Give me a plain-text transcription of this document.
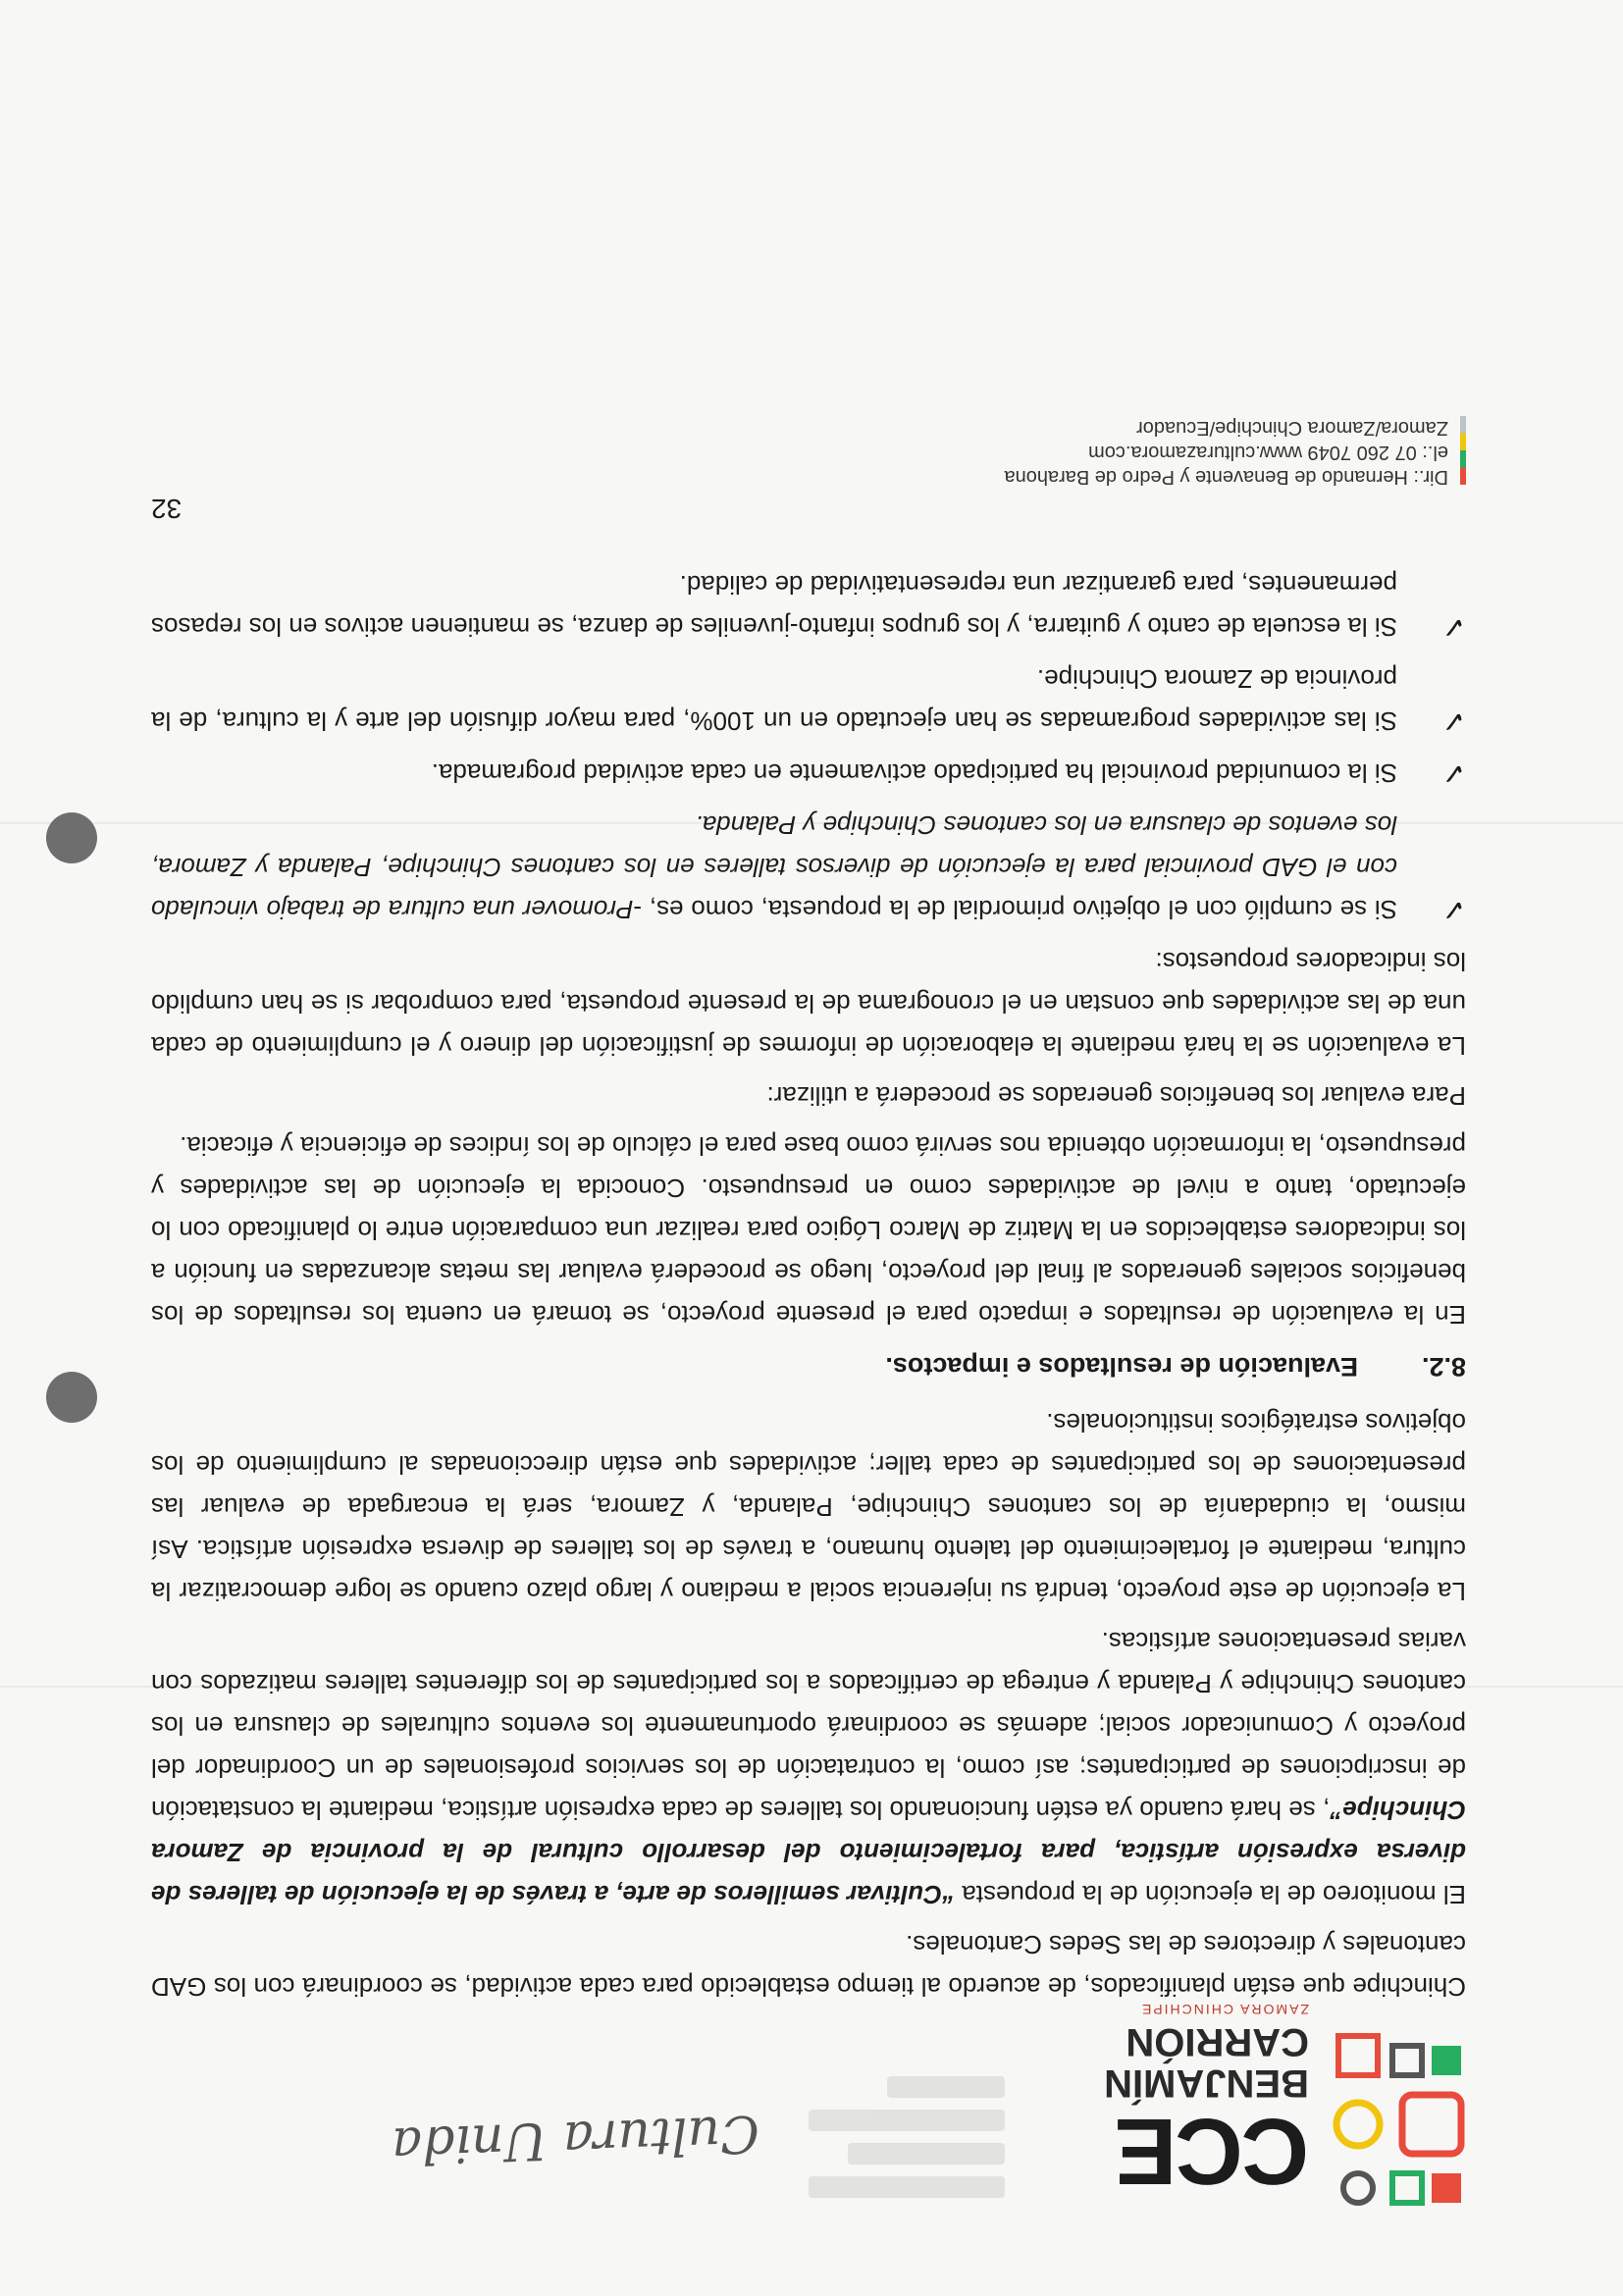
CCE
BENJAMÍN
CARRIÓN
ZAMORA CHINCHIPE
Cultura Unida

Chinchipe que están planificados, de acuerdo al tiempo establecido para cada actividad, se coordinará con los GAD cantonales y directores de las Sedes Cantonales.

El monitoreo de la ejecución de la propuesta “Cultivar semilleros de arte, a través de la ejecución de talleres de diversa expresión artística, para fortalecimiento del desarrollo cultural de la provincia de Zamora Chinchipe”, se hará cuando ya estén funcionando los talleres de cada expresión artística, mediante la constatación de inscripciones de participantes; así como, la contratación de los servicios profesionales de un Coordinador del proyecto y Comunicador social; además se coordinará oportunamente los eventos culturales de clausura en los cantones Chinchipe y Palanda y entrega de certificados a los participantes de los diferentes talleres matizados con varias presentaciones artísticas.

La ejecución de este proyecto, tendrá su injerencia social a mediano y largo plazo cuando se logre democratizar la cultura, mediante el fortalecimiento del talento humano, a través de los talleres de diversa expresión artística. Así mismo, la ciudadanía de los cantones Chinchipe, Palanda, y Zamora, será la encargada de evaluar las presentaciones de los participantes de cada taller; actividades que están direccionadas al cumplimiento de los objetivos estratégicos institucionales.

8.2.Evaluación de resultados e impactos.

En la evaluación de resultados e impacto para el presente proyecto, se tomará en cuenta los resultados de los beneficios sociales generados al final del proyecto, luego se procederá evaluar las metas alcanzadas en función a los indicadores establecidos en la Matriz de Marco Lógico para realizar una comparación entre lo planificado con lo ejecutado, tanto a nivel de actividades como en presupuesto. Conocida la ejecución de las actividades y presupuesto, la información obtenida nos servirá como base para el cálculo de los índices de eficiencia y eficacia.

Para evaluar los beneficios generados se procederá a utilizar:

La evaluación se la hará mediante la elaboración de informes de justificación del dinero y el cumplimiento de cada una de las actividades que constan en el cronograma de la presente propuesta, para comprobar si se han cumplido los indicadores propuestos:

✓
Si se cumplió con el objetivo primordial de la propuesta, como es, -Promover una cultura de trabajo vinculado con el GAD provincial para la ejecución de diversos talleres en los cantones Chinchipe, Palanda y Zamora, los eventos de clausura en los cantones Chinchipe y Palanda.
✓
Si la comunidad provincial ha participado activamente en cada actividad programada.
✓
Si las actividades programadas se han ejecutado en un 100%, para mayor difusión del arte y la cultura, de la provincia de Zamora Chinchipe.
✓
Si la escuela de canto y guitarra, y los grupos infanto-juveniles de danza, se mantienen activos en los repasos permanentes, para garantizar una representatividad de calidad.
32
Dir.: Hernando de Benavente y Pedro de Barahona
el.: 07 260 7049 www.culturazamora.com
Zamora/Zamora Chinchipe/Ecuador
